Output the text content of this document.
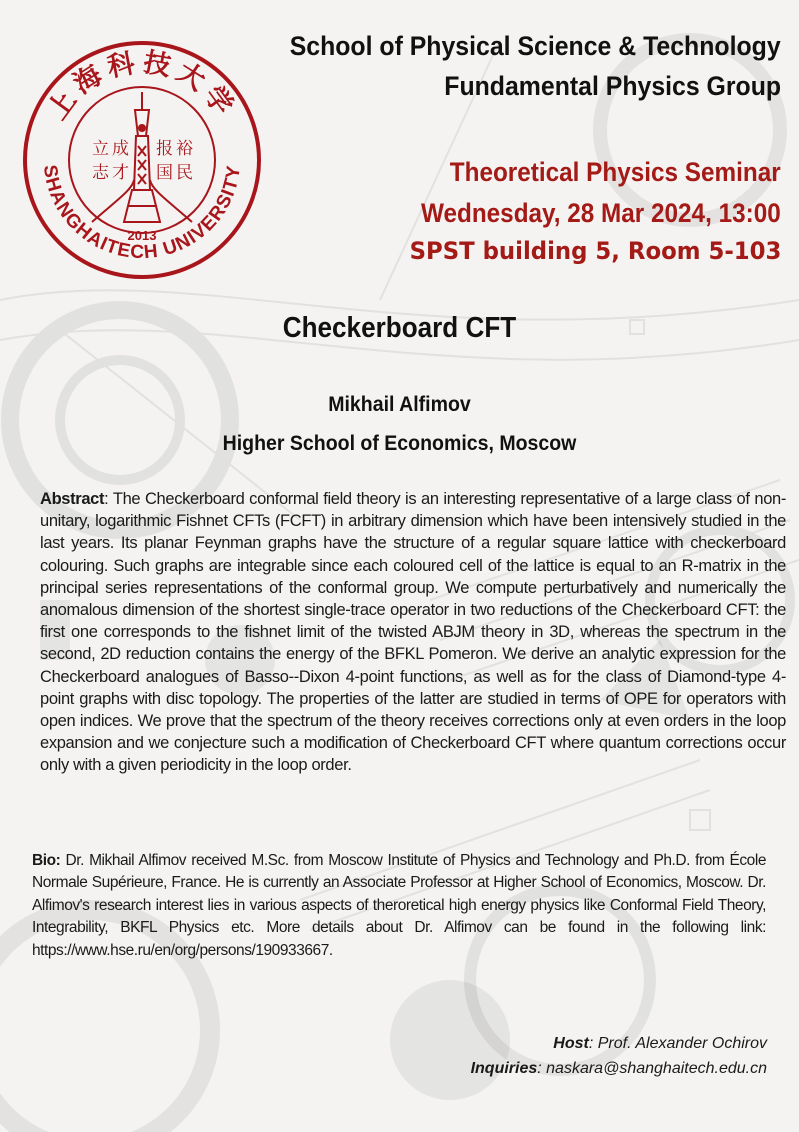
上海科技大学
SHANGHAITECH UNIVERSITY
立 成
志 才
报 裕
国 民
2013
School of Physical Science & Technology
Fundamental Physics Group
Theoretical Physics Seminar
Wednesday, 28 Mar 2024, 13:00
SPST building 5, Room 5-103
Checkerboard CFT
Mikhail Alfimov
Higher School of Economics, Moscow
Abstract: The Checkerboard conformal field theory is an interesting representative of a large class of non-unitary, logarithmic Fishnet CFTs (FCFT) in arbitrary dimension which have been intensively studied in the last years. Its planar Feynman graphs have the structure of a regular square lattice with checkerboard colouring. Such graphs are integrable since each coloured cell of the lattice is equal to an R-matrix in the principal series representations of the conformal group. We compute perturbatively and numerically the anomalous dimension of the shortest single-trace operator in two reductions of the Checkerboard CFT: the first one corresponds to the fishnet limit of the twisted ABJM theory in 3D, whereas the spectrum in the second, 2D reduction contains the energy of the BFKL Pomeron. We derive an analytic expression for the Checkerboard analogues of Basso--Dixon 4-point functions, as well as for the class of Diamond-type 4-point graphs with disc topology. The properties of the latter are studied in terms of OPE for operators with open indices. We prove that the spectrum of the theory receives corrections only at even orders in the loop expansion and we conjecture such a modification of Checkerboard CFT where quantum corrections occur only with a given periodicity in the loop order.
Bio: Dr. Mikhail Alfimov received M.Sc. from Moscow Institute of Physics and Technology and Ph.D. from École Normale Supérieure, France. He is currently an Associate Professor at Higher School of Economics, Moscow. Dr. Alfimov's research interest lies in various aspects of theroretical high energy physics like Conformal Field Theory, Integrability, BKFL Physics etc. More details about Dr. Alfimov can be found in the following link: https://www.hse.ru/en/org/persons/190933667.
Host: Prof. Alexander Ochirov
Inquiries: naskara@shanghaitech.edu.cn
